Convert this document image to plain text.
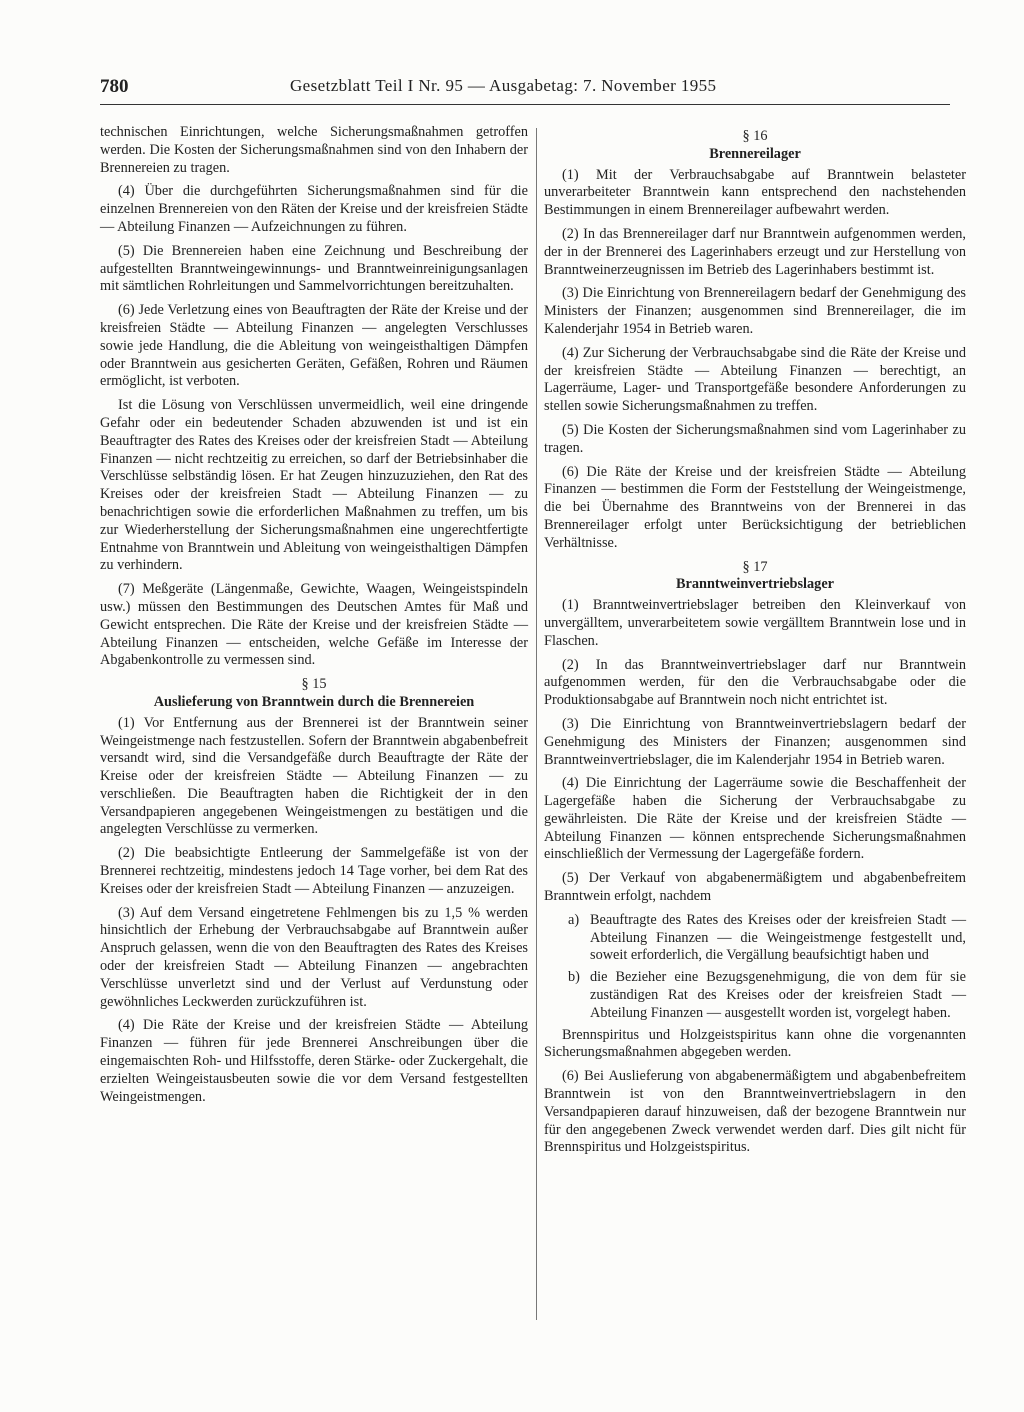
780	Gesetzblatt Teil I Nr. 95 — Ausgabetag: 7. November 1955

technischen Einrichtungen, welche Sicherungsmaßnahmen getroffen werden. Die Kosten der Sicherungsmaßnahmen sind von den Inhabern der Brennereien zu tragen.

(4) Über die durchgeführten Sicherungsmaßnahmen sind für die einzelnen Brennereien von den Räten der Kreise und der kreisfreien Städte — Abteilung Finanzen — Aufzeichnungen zu führen.

(5) Die Brennereien haben eine Zeichnung und Beschreibung der aufgestellten Branntweingewinnungs- und Branntweinreinigungsanlagen mit sämtlichen Rohrleitungen und Sammelvorrichtungen bereitzuhalten.

(6) Jede Verletzung eines von Beauftragten der Räte der Kreise und der kreisfreien Städte — Abteilung Finanzen — angelegten Verschlusses sowie jede Handlung, die die Ableitung von weingeisthaltigen Dämpfen oder Branntwein aus gesicherten Geräten, Gefäßen, Rohren und Räumen ermöglicht, ist verboten.

Ist die Lösung von Verschlüssen unvermeidlich, weil eine dringende Gefahr oder ein bedeutender Schaden abzuwenden ist und ist ein Beauftragter des Rates des Kreises oder der kreisfreien Stadt — Abteilung Finanzen — nicht rechtzeitig zu erreichen, so darf der Betriebsinhaber die Verschlüsse selbständig lösen. Er hat Zeugen hinzuzuziehen, den Rat des Kreises oder der kreisfreien Stadt — Abteilung Finanzen — zu benachrichtigen sowie die erforderlichen Maßnahmen zu treffen, um bis zur Wiederherstellung der Sicherungsmaßnahmen eine ungerechtfertigte Entnahme von Branntwein und Ableitung von weingeisthaltigen Dämpfen zu verhindern.

(7) Meßgeräte (Längenmaße, Gewichte, Waagen, Weingeistspindeln usw.) müssen den Bestimmungen des Deutschen Amtes für Maß und Gewicht entsprechen. Die Räte der Kreise und der kreisfreien Städte — Abteilung Finanzen — entscheiden, welche Gefäße im Interesse der Abgabenkontrolle zu vermessen sind.

§ 15
Auslieferung von Branntwein durch die Brennereien

(1) Vor Entfernung aus der Brennerei ist der Branntwein seiner Weingeistmenge nach festzustellen. Sofern der Branntwein abgabenbefreit versandt wird, sind die Versandgefäße durch Beauftragte der Räte der Kreise oder der kreisfreien Städte — Abteilung Finanzen — zu verschließen. Die Beauftragten haben die Richtigkeit der in den Versandpapieren angegebenen Weingeistmengen zu bestätigen und die angelegten Verschlüsse zu vermerken.

(2) Die beabsichtigte Entleerung der Sammelgefäße ist von der Brennerei rechtzeitig, mindestens jedoch 14 Tage vorher, bei dem Rat des Kreises oder der kreisfreien Stadt — Abteilung Finanzen — anzuzeigen.

(3) Auf dem Versand eingetretene Fehlmengen bis zu 1,5 % werden hinsichtlich der Erhebung der Verbrauchsabgabe auf Branntwein außer Anspruch gelassen, wenn die von den Beauftragten des Rates des Kreises oder der kreisfreien Stadt — Abteilung Finanzen — angebrachten Verschlüsse unverletzt sind und der Verlust auf Verdunstung oder gewöhnliches Leckwerden zurückzuführen ist.

(4) Die Räte der Kreise und der kreisfreien Städte — Abteilung Finanzen — führen für jede Brennerei Anschreibungen über die eingemaischten Roh- und Hilfsstoffe, deren Stärke- oder Zuckergehalt, die erzielten Weingeistausbeuten sowie die vor dem Versand festgestellten Weingeistmengen.

§ 16
Brennereilager

(1) Mit der Verbrauchsabgabe auf Branntwein belasteter unverarbeiteter Branntwein kann entsprechend den nachstehenden Bestimmungen in einem Brennereilager aufbewahrt werden.

(2) In das Brennereilager darf nur Branntwein aufgenommen werden, der in der Brennerei des Lagerinhabers erzeugt und zur Herstellung von Branntweinerzeugnissen im Betrieb des Lagerinhabers bestimmt ist.

(3) Die Einrichtung von Brennereilagern bedarf der Genehmigung des Ministers der Finanzen; ausgenommen sind Brennereilager, die im Kalenderjahr 1954 in Betrieb waren.

(4) Zur Sicherung der Verbrauchsabgabe sind die Räte der Kreise und der kreisfreien Städte — Abteilung Finanzen — berechtigt, an Lagerräume, Lager- und Transportgefäße besondere Anforderungen zu stellen sowie Sicherungsmaßnahmen zu treffen.

(5) Die Kosten der Sicherungsmaßnahmen sind vom Lagerinhaber zu tragen.

(6) Die Räte der Kreise und der kreisfreien Städte — Abteilung Finanzen — bestimmen die Form der Feststellung der Weingeistmenge, die bei Übernahme des Branntweins von der Brennerei in das Brennereilager erfolgt unter Berücksichtigung der betrieblichen Verhältnisse.

§ 17
Branntweinvertriebslager

(1) Branntweinvertriebslager betreiben den Kleinverkauf von unvergälltem, unverarbeitetem sowie vergälltem Branntwein lose und in Flaschen.

(2) In das Branntweinvertriebslager darf nur Branntwein aufgenommen werden, für den die Verbrauchsabgabe oder die Produktionsabgabe auf Branntwein noch nicht entrichtet ist.

(3) Die Einrichtung von Branntweinvertriebslagern bedarf der Genehmigung des Ministers der Finanzen; ausgenommen sind Branntweinvertriebslager, die im Kalenderjahr 1954 in Betrieb waren.

(4) Die Einrichtung der Lagerräume sowie die Beschaffenheit der Lagergefäße haben die Sicherung der Verbrauchsabgabe zu gewährleisten. Die Räte der Kreise und der kreisfreien Städte — Abteilung Finanzen — können entsprechende Sicherungsmaßnahmen einschließlich der Vermessung der Lagergefäße fordern.

(5) Der Verkauf von abgabenermäßigtem und abgabenbefreitem Branntwein erfolgt, nachdem

a) Beauftragte des Rates des Kreises oder der kreisfreien Stadt — Abteilung Finanzen — die Weingeistmenge festgestellt und, soweit erforderlich, die Vergällung beaufsichtigt haben und
b) die Bezieher eine Bezugsgenehmigung, die von dem für sie zuständigen Rat des Kreises oder der kreisfreien Stadt — Abteilung Finanzen — ausgestellt worden ist, vorgelegt haben.

Brennspiritus und Holzgeistspiritus kann ohne die vorgenannten Sicherungsmaßnahmen abgegeben werden.

(6) Bei Auslieferung von abgabenermäßigtem und abgabenbefreitem Branntwein ist von den Branntweinvertriebslagern in den Versandpapieren darauf hinzuweisen, daß der bezogene Branntwein nur für den angegebenen Zweck verwendet werden darf. Dies gilt nicht für Brennspiritus und Holzgeistspiritus.
